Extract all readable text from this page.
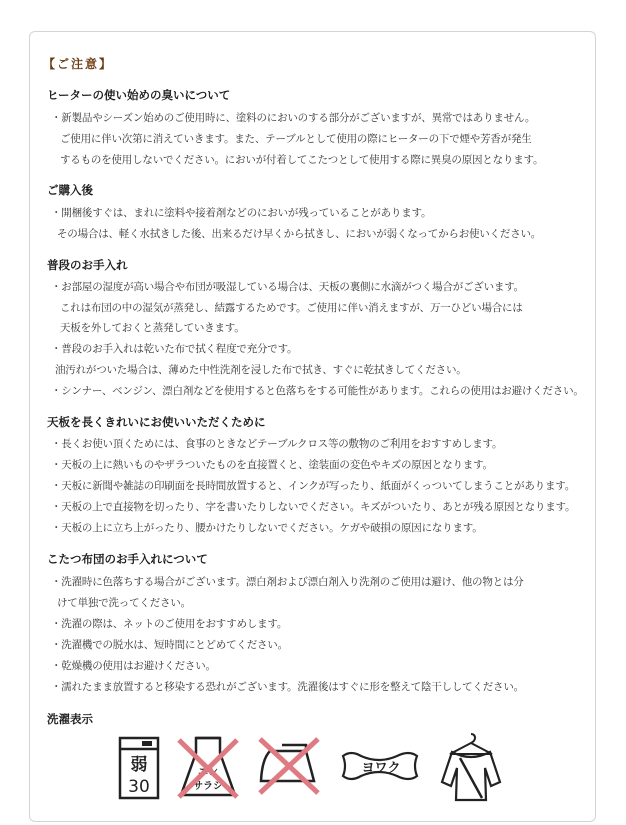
【ご注意】
ヒーターの使い始めの臭いについて
・新製品やシーズン始めのご使用時に、塗料のにおいのする部分がございますが、異常ではありません。
ご使用に伴い次第に消えていきます。また、テーブルとして使用の際にヒーターの下で煙や芳香が発生
するものを使用しないでください。においが付着してこたつとして使用する際に異臭の原因となります。
ご購入後
・開梱後すぐは、まれに塗料や接着剤などのにおいが残っていることがあります。
その場合は、軽く水拭きした後、出来るだけ早くから拭きし、においが弱くなってからお使いください。
普段のお手入れ
・お部屋の湿度が高い場合や布団が吸湿している場合は、天板の裏側に水滴がつく場合がございます。
これは布団の中の湿気が蒸発し、結露するためです。ご使用に伴い消えますが、万一ひどい場合には
天板を外しておくと蒸発していきます。
・普段のお手入れは乾いた布で拭く程度で充分です。
油汚れがついた場合は、薄めた中性洗剤を浸した布で拭き、すぐに乾拭きしてください。
・シンナー、ベンジン、漂白剤などを使用すると色落ちをする可能性があります。これらの使用はお避けください。
天板を長くきれいにお使いいただくために
・長くお使い頂くためには、食事のときなどテーブルクロス等の敷物のご利用をおすすめします。
・天板の上に熱いものやザラついたものを直接置くと、塗装面の変色やキズの原因となります。
・天板に新聞や雑誌の印刷面を長時間放置すると、インクが写ったり、紙面がくっついてしまうことがあります。
・天板の上で直接物を切ったり、字を書いたりしないでください。キズがついたり、あとが残る原因となります。
・天板の上に立ち上がったり、腰かけたりしないでください。ケガや破損の原因になります。
こたつ布団のお手入れについて
・洗濯時に色落ちする場合がございます。漂白剤および漂白剤入り洗剤のご使用は避け、他の物とは分
けて単独で洗ってください。
・洗濯の際は、ネットのご使用をおすすめします。
・洗濯機での脱水は、短時間にとどめてください。
・乾燥機の使用はお避けください。
・濡れたまま放置すると移染する恐れがございます。洗濯後はすぐに形を整えて陰干ししてください。
洗濯表示
弱
30
エン
サラシ
ヨワク
